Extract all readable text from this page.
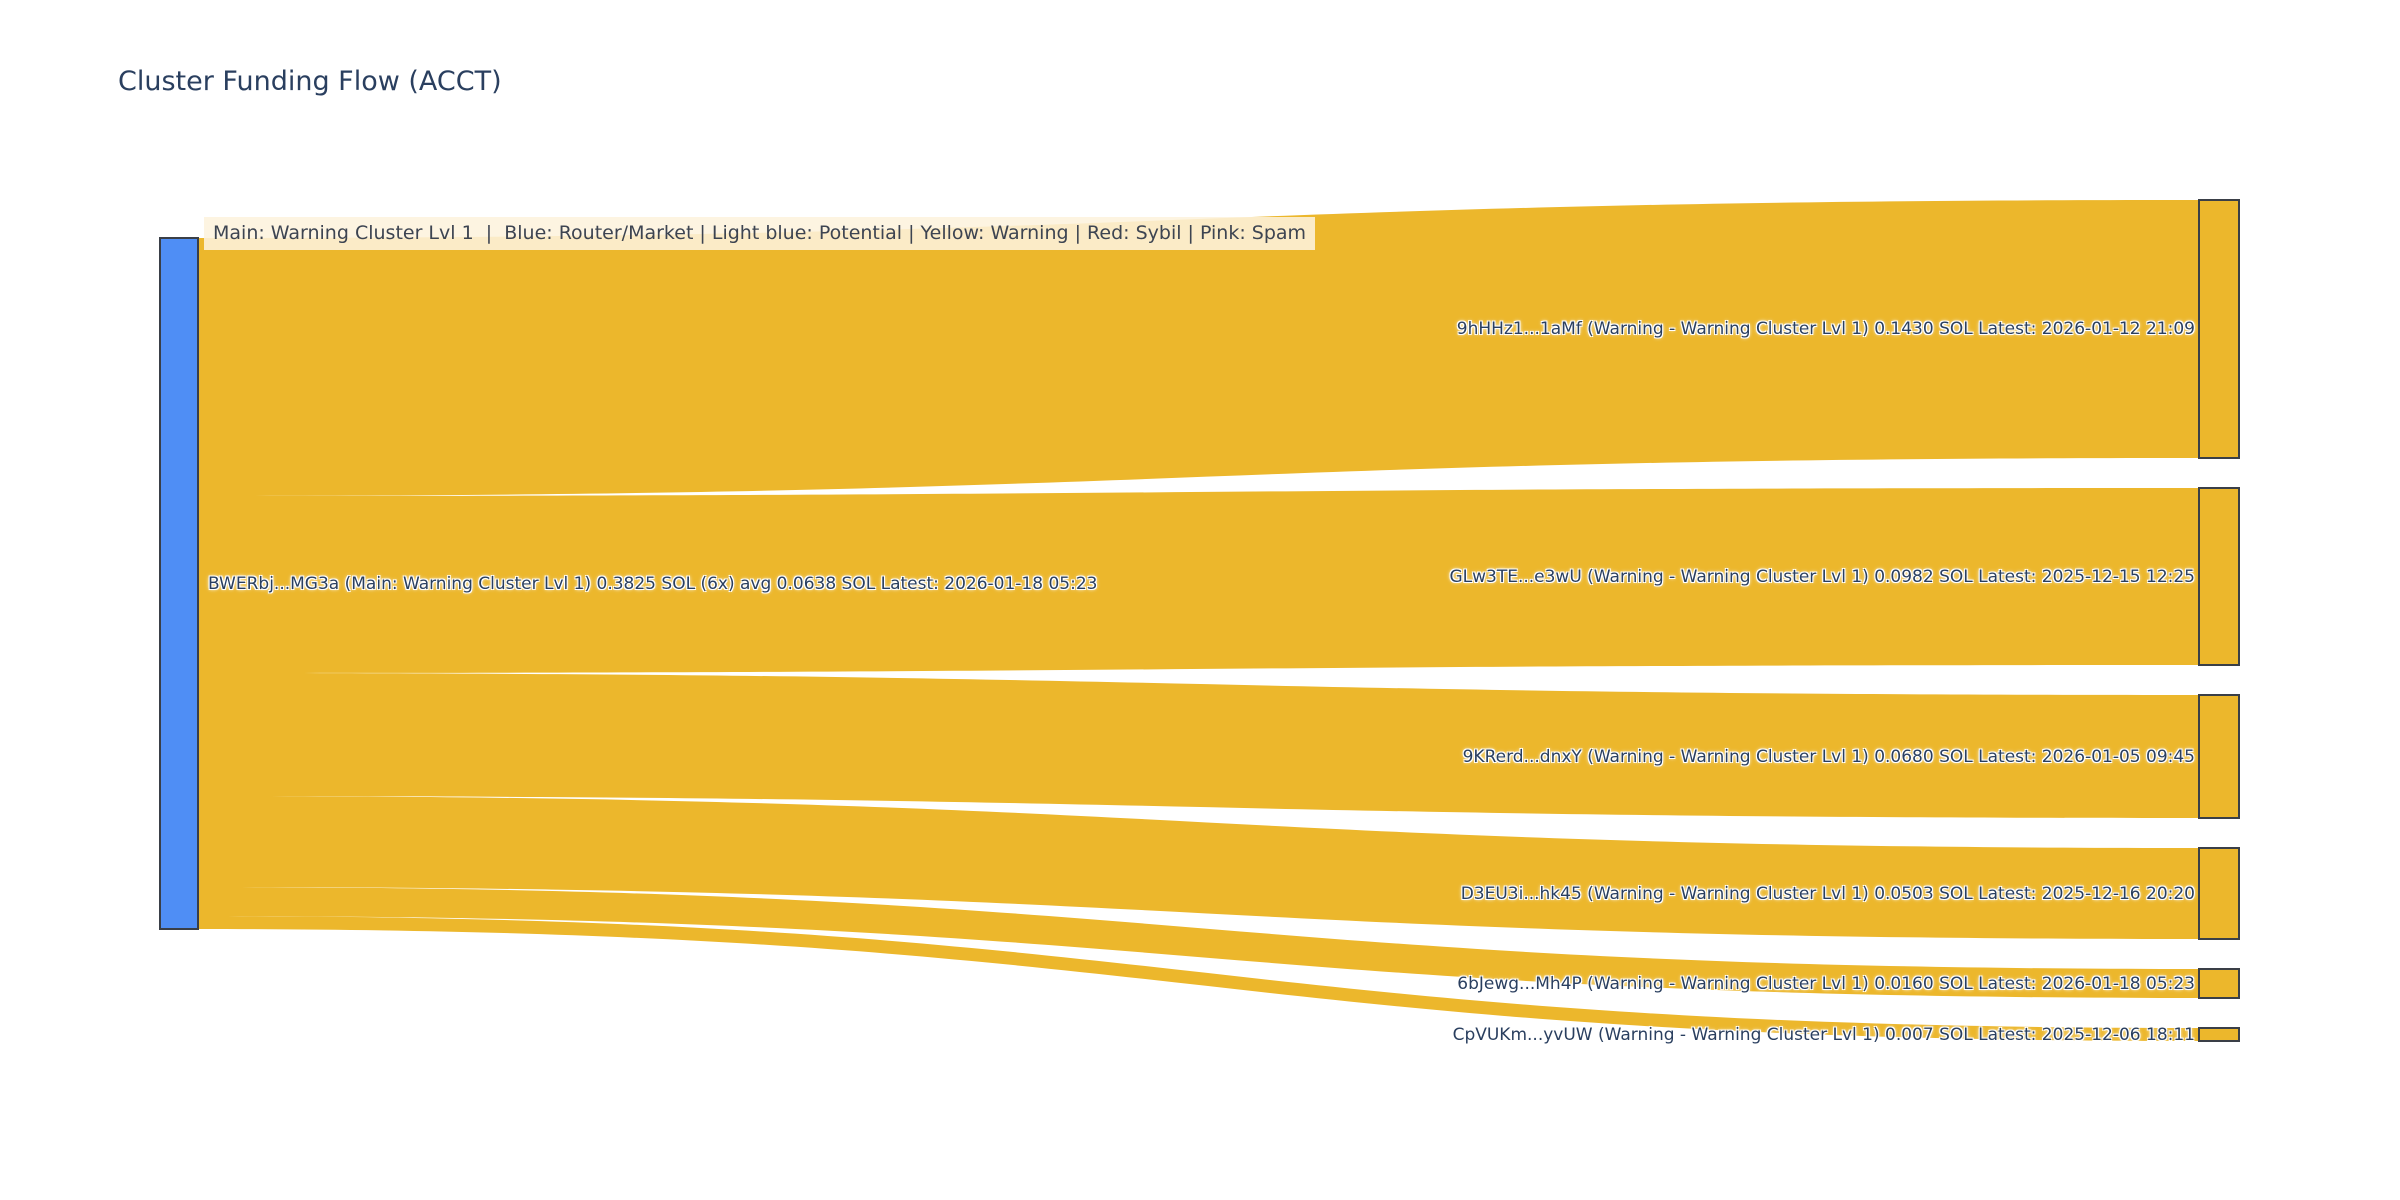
Cluster Funding Flow (ACCT)
Main: Warning Cluster Lvl 1  |  Blue: Router/Market | Light blue: Potential | Yellow: Warning | Red: Sybil | Pink: Spam
BWERbj...MG3a (Main: Warning Cluster Lvl 1) 0.3825 SOL (6x) avg 0.0638 SOL Latest: 2026-01-18 05:23
9hHHz1...1aMf (Warning - Warning Cluster Lvl 1) 0.1430 SOL Latest: 2026-01-12 21:09
GLw3TE...e3wU (Warning - Warning Cluster Lvl 1) 0.0982 SOL Latest: 2025-12-15 12:25
9KRerd...dnxY (Warning - Warning Cluster Lvl 1) 0.0680 SOL Latest: 2026-01-05 09:45
D3EU3i...hk45 (Warning - Warning Cluster Lvl 1) 0.0503 SOL Latest: 2025-12-16 20:20
6bJewg...Mh4P (Warning - Warning Cluster Lvl 1) 0.0160 SOL Latest: 2026-01-18 05:23
CpVUKm...yvUW (Warning - Warning Cluster Lvl 1) 0.007 SOL Latest: 2025-12-06 18:11
